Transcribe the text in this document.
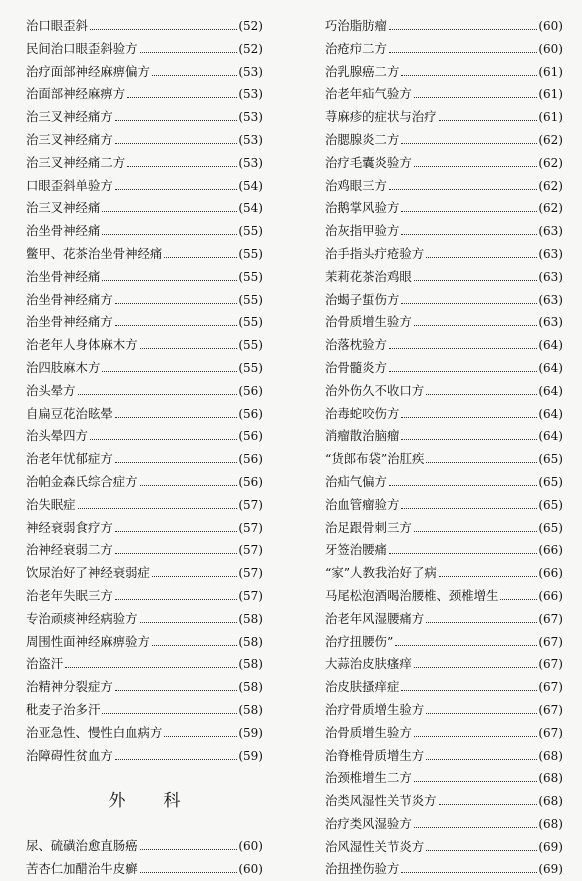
治口眼歪斜	(52)
民间治口眼歪斜验方	(52)
治疗面部神经麻痹偏方	(53)
治面部神经麻痹方	(53)
治三叉神经痛方	(53)
治三叉神经痛方	(53)
治三叉神经痛二方	(53)
口眼歪斜单验方	(54)
治三叉神经痛	(54)
治坐骨神经痛	(55)
鳖甲、花茶治坐骨神经痛	(55)
治坐骨神经痛	(55)
治坐骨神经痛方	(55)
治坐骨神经痛方	(55)
治老年人身体麻木方	(55)
治四肢麻木方	(55)
治头晕方	(56)
自扁豆花治眩晕	(56)
治头晕四方	(56)
治老年忧郁症方	(56)
治帕金森氏综合症方	(56)
治失眠症	(57)
神经衰弱食疗方	(57)
治神经衰弱二方	(57)
饮尿治好了神经衰弱症	(57)
治老年失眠三方	(57)
专治顽痰神经病验方	(58)
周围性面神经麻痹验方	(58)
治盗汗	(58)
治精神分裂症方	(58)
秕麦子治多汗	(58)
治亚急性、慢性白血病方	(59)
治障碍性贫血方	(59)
外科
尿、硫磺治愈直肠癌	(60)
苦杏仁加醋治牛皮癣	(60)
巧治脂肪瘤	(60)
治疮疖二方	(60)
治乳腺癌二方	(61)
治老年疝气验方	(61)
荨麻疹的症状与治疗	(61)
治腮腺炎二方	(62)
治疗毛囊炎验方	(62)
治鸡眼三方	(62)
治鹅掌风验方	(62)
治灰指甲验方	(63)
治手指头疔疮验方	(63)
茉莉花茶治鸡眼	(63)
治蝎子蜇伤方	(63)
治骨质增生验方	(63)
治落枕验方	(64)
治骨髓炎方	(64)
治外伤久不收口方	(64)
治毒蛇咬伤方	(64)
消瘤散治脑瘤	(64)
“货郎布袋”治肛疾	(65)
治疝气偏方	(65)
治血管瘤验方	(65)
治足跟骨刺三方	(65)
牙签治腰痛	(66)
“家”人教我治好了病	(66)
马尾松泡酒喝治腰椎、颈椎增生	(66)
治老年风湿腰痛方	(67)
治疗扭腰伤”	(67)
大蒜治皮肤瘙痒	(67)
治皮肤搔痒症	(67)
治疗骨质增生验方	(67)
治骨质增生验方	(67)
治脊椎骨质增生方	(68)
治颈椎增生二方	(68)
治类风湿性关节炎方	(68)
治疗类风湿验方	(68)
治风湿性关节炎方	(69)
治扭挫伤验方	(69)
